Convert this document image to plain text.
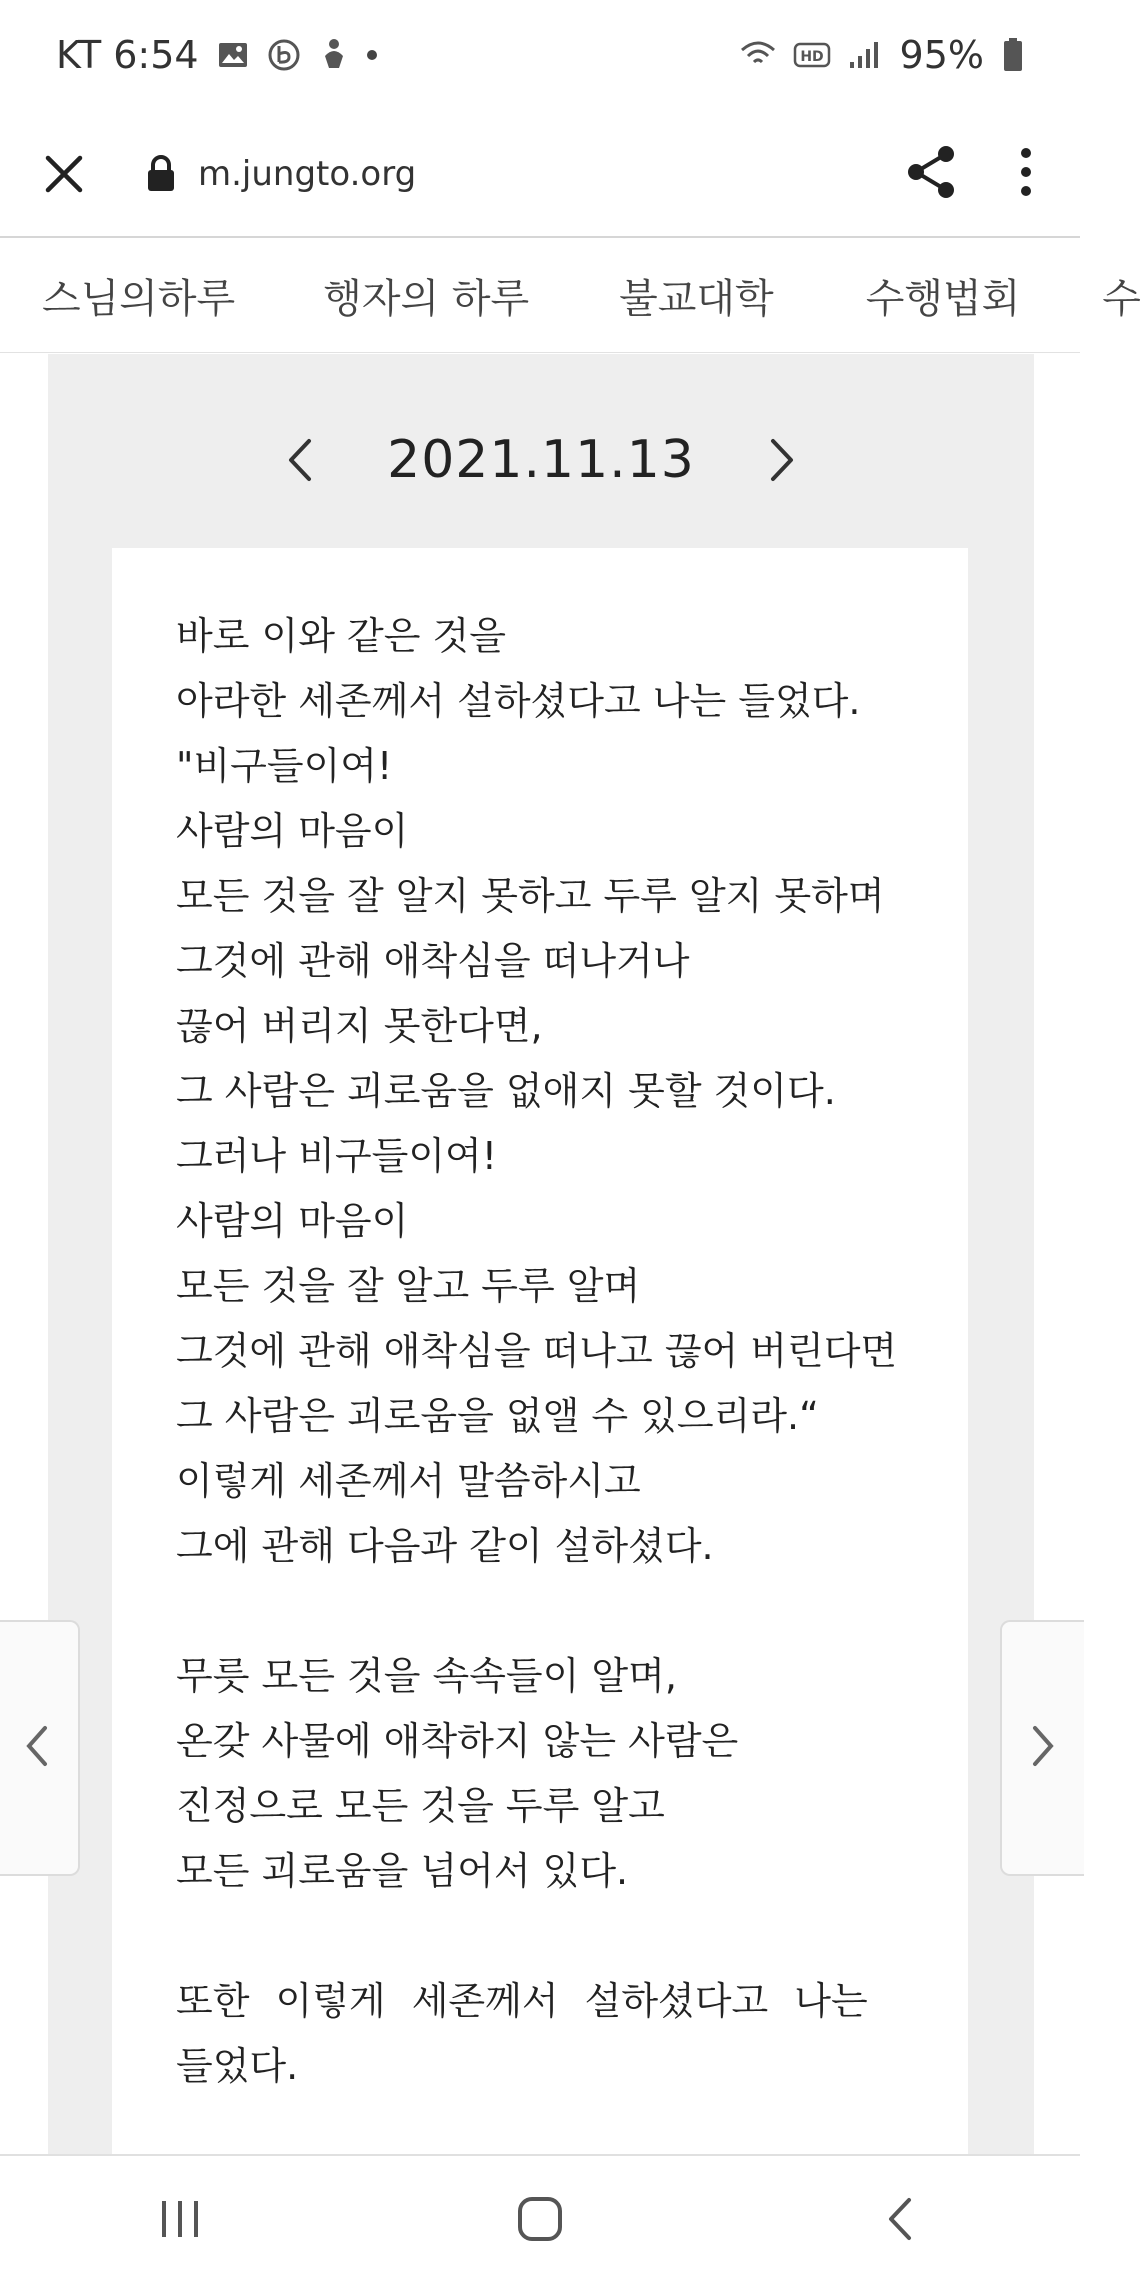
KT 6:54	HD 95%
m.jungto.org
스님의하루 행자의 하루 불교대학 수행법회 수
2021.11.13
바로 이와 같은 것을
아라한 세존께서 설하셨다고 나는 들었다.
"비구들이여!
사람의 마음이
모든 것을 잘 알지 못하고 두루 알지 못하며
그것에 관해 애착심을 떠나거나
끊어 버리지 못한다면,
그 사람은 괴로움을 없애지 못할 것이다.
그러나 비구들이여!
사람의 마음이
모든 것을 잘 알고 두루 알며
그것에 관해 애착심을 떠나고 끊어 버린다면
그 사람은 괴로움을 없앨 수 있으리라.“
이렇게 세존께서 말씀하시고
그에 관해 다음과 같이 설하셨다.
무릇 모든 것을 속속들이 알며,
온갖 사물에 애착하지 않는 사람은
진정으로 모든 것을 두루 알고
모든 괴로움을 넘어서 있다.
또한 이렇게 세존께서 설하셨다고 나는 들었다.
